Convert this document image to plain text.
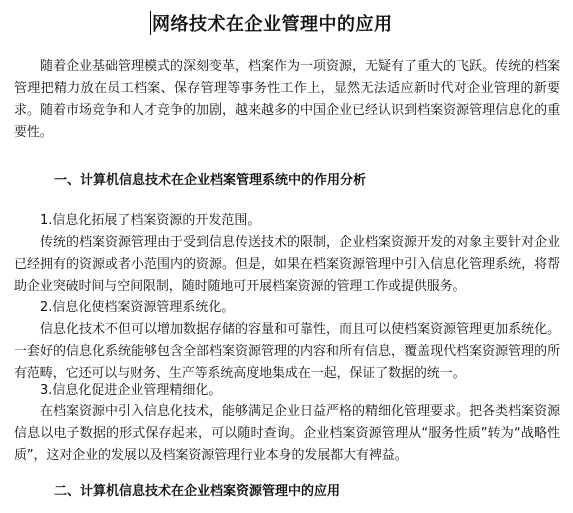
网络技术在企业管理中的应用

随着企业基础管理模式的深刻变革，档案作为一项资源，无疑有了重大的飞跃。传统的档案管理把精力放在员工档案、保存管理等事务性工作上，显然无法适应新时代对企业管理的新要求。随着市场竞争和人才竞争的加剧，越来越多的中国企业已经认识到档案资源管理信息化的重要性。

一、计算机信息技术在企业档案管理系统中的作用分析
1.信息化拓展了档案资源的开发范围。

传统的档案资源管理由于受到信息传送技术的限制，企业档案资源开发的对象主要针对企业已经拥有的资源或者小范围内的资源。但是，如果在档案资源管理中引入信息化管理系统，将帮助企业突破时间与空间限制，随时随地可开展档案资源的管理工作或提供服务。

2.信息化使档案资源管理系统化。

信息化技术不但可以增加数据存储的容量和可靠性，而且可以使档案资源管理更加系统化。一套好的信息化系统能够包含全部档案资源管理的内容和所有信息，覆盖现代档案资源管理的所有范畴，它还可以与财务、生产等系统高度地集成在一起，保证了数据的统一。

3.信息化促进企业管理精细化。

在档案资源中引入信息化技术，能够满足企业日益严格的精细化管理要求。把各类档案资源信息以电子数据的形式保存起来，可以随时查询。企业档案资源管理从“服务性质”转为“战略性质”，这对企业的发展以及档案资源管理行业本身的发展都大有裨益。

二、计算机信息技术在企业档案资源管理中的应用
